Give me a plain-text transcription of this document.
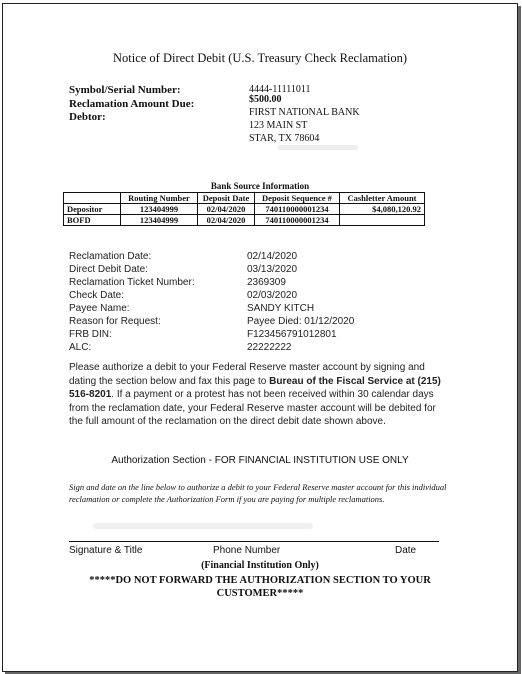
Notice of Direct Debit (U.S. Treasury Check Reclamation)
Symbol/Serial Number:	4444-11111011
Reclamation Amount Due:	$500.00
Debtor:	FIRST NATIONAL BANK
123 MAIN ST
STAR, TX 78604
Bank Source Information
	Routing Number	Deposit Date	Deposit Sequence #	Cashletter Amount
Depositor	123404999	02/04/2020	740110000001234	$4,080,120.92
BOFD	123404999	02/04/2020	740110000001234	
Reclamation Date:	02/14/2020
Direct Debit Date:	03/13/2020
Reclamation Ticket Number:	2369309
Check Date:	02/03/2020
Payee Name:	SANDY KITCH
Reason for Request:	Payee Died: 01/12/2020
FRB DIN:	F123456791012801
ALC:	22222222
Please authorize a debit to your Federal Reserve master account by signing and dating the section below and fax this page to Bureau of the Fiscal Service at (215) 516-8201. If a payment or a protest has not been received within 30 calendar days from the reclamation date, your Federal Reserve master account will be debited for the full amount of the reclamation on the direct debit date shown above.
Authorization Section - FOR FINANCIAL INSTITUTION USE ONLY
Sign and date on the line below to authorize a debit to your Federal Reserve master account for this individual reclamation or complete the Authorization Form if you are paying for multiple reclamations.
Signature & Title	Phone Number	Date
(Financial Institution Only)
*****DO NOT FORWARD THE AUTHORIZATION SECTION TO YOUR CUSTOMER*****
